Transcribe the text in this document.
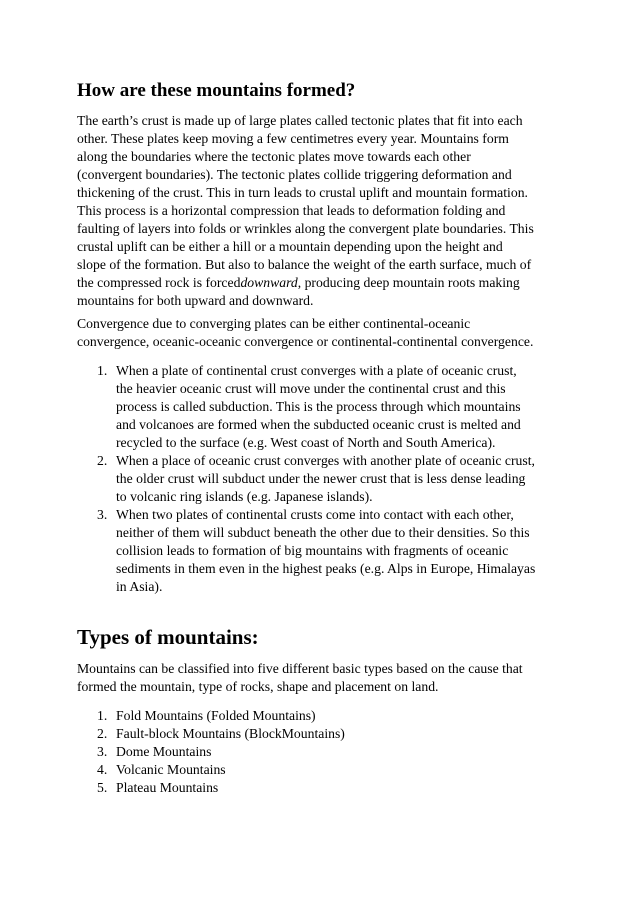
How are these mountains formed?

The earth’s crust is made up of large plates called tectonic plates that fit into each
other. These plates keep moving a few centimetres every year. Mountains form
along the boundaries where the tectonic plates move towards each other
(convergent boundaries). The tectonic plates collide triggering deformation and
thickening of the crust. This in turn leads to crustal uplift and mountain formation.
This process is a horizontal compression that leads to deformation folding and
faulting of layers into folds or wrinkles along the convergent plate boundaries. This
crustal uplift can be either a hill or a mountain depending upon the height and
slope of the formation. But also to balance the weight of the earth surface, much of
the compressed rock is forceddownward, producing deep mountain roots making
mountains for both upward and downward.

Convergence due to converging plates can be either continental-oceanic
convergence, oceanic-oceanic convergence or continental-continental convergence.

1. When a plate of continental crust converges with a plate of oceanic crust,
the heavier oceanic crust will move under the continental crust and this
process is called subduction. This is the process through which mountains
and volcanoes are formed when the subducted oceanic crust is melted and
recycled to the surface (e.g. West coast of North and South America).
2. When a place of oceanic crust converges with another plate of oceanic crust,
the older crust will subduct under the newer crust that is less dense leading
to volcanic ring islands (e.g. Japanese islands).
3. When two plates of continental crusts come into contact with each other,
neither of them will subduct beneath the other due to their densities. So this
collision leads to formation of big mountains with fragments of oceanic
sediments in them even in the highest peaks (e.g. Alps in Europe, Himalayas
in Asia).
Types of mountains:

Mountains can be classified into five different basic types based on the cause that
formed the mountain, type of rocks, shape and placement on land.

1. Fold Mountains (Folded Mountains)
2. Fault-block Mountains (BlockMountains)
3. Dome Mountains
4. Volcanic Mountains
5. Plateau Mountains
